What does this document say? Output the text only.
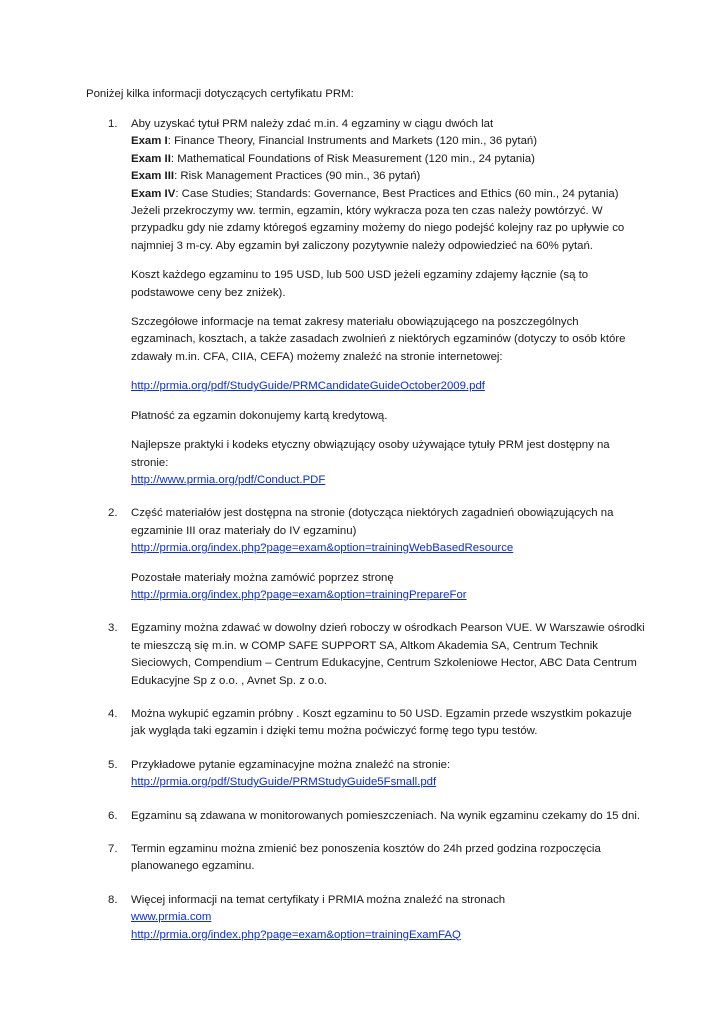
Poniżej kilka informacji dotyczących certyfikatu PRM:
1. Aby uzyskać tytuł PRM należy zdać m.in. 4 egzaminy w ciągu dwóch lat
Exam I: Finance Theory, Financial Instruments and Markets (120 min., 36 pytań)
Exam II: Mathematical Foundations of Risk Measurement (120 min., 24 pytania)
Exam III: Risk Management Practices (90 min., 36 pytań)
Exam IV: Case Studies; Standards: Governance, Best Practices and Ethics (60 min., 24 pytania)
Jeżeli przekroczymy ww. termin, egzamin, który wykracza poza ten czas należy powtórzyć. W przypadku gdy nie zdamy któregoś egzaminy możemy do niego podejść kolejny raz po upływie co najmniej 3 m-cy. Aby egzamin był zaliczony pozytywnie należy odpowiedzieć na 60% pytań.

Koszt każdego egzaminu to 195 USD, lub 500 USD jeżeli egzaminy zdajemy łącznie (są to podstawowe ceny bez zniżek).

Szczegółowe informacje na temat zakresy materiału obowiązującego na poszczególnych egzaminach, kosztach, a także zasadach zwolnień z niektórych egzaminów (dotyczy to osób które zdawały m.in. CFA, CIIA, CEFA) możemy znaleźć na stronie internetowej:

http://prmia.org/pdf/StudyGuide/PRMCandidateGuideOctober2009.pdf

Płatność za egzamin dokonujemy kartą kredytową.

Najlepsze praktyki i kodeks etyczny obwiązujący osoby używające tytuły PRM jest dostępny na stronie:
http://www.prmia.org/pdf/Conduct.PDF

2. Część materiałów jest dostępna na stronie (dotycząca niektórych zagadnień obowiązujących na egzaminie III oraz materiały do IV egzaminu)
http://prmia.org/index.php?page=exam&option=trainingWebBasedResource

Pozostałe materiały można zamówić poprzez stronę
http://prmia.org/index.php?page=exam&option=trainingPrepareFor

3. Egzaminy można zdawać w dowolny dzień roboczy w ośrodkach Pearson VUE. W Warszawie ośrodki te mieszczą się m.in. w COMP SAFE SUPPORT SA, Altkom Akademia SA, Centrum Technik Sieciowych, Compendium – Centrum Edukacyjne, Centrum Szkoleniowe Hector, ABC Data Centrum Edukacyjne Sp z o.o. , Avnet Sp. z o.o.
4. Można wykupić egzamin próbny . Koszt egzaminu to 50 USD. Egzamin przede wszystkim pokazuje jak wygląda taki egzamin i dzięki temu można poćwiczyć formę tego typu testów.
5. Przykładowe pytanie egzaminacyjne można znaleźć na stronie:
http://prmia.org/pdf/StudyGuide/PRMStudyGuide5Fsmall.pdf
6. Egzaminu są zdawana w monitorowanych pomieszczeniach. Na wynik egzaminu czekamy do 15 dni.
7. Termin egzaminu można zmienić bez ponoszenia kosztów do 24h przed godzina rozpoczęcia planowanego egzaminu.
8. Więcej informacji na temat certyfikaty i PRMIA można znaleźć na stronach
www.prmia.com
http://prmia.org/index.php?page=exam&option=trainingExamFAQ
